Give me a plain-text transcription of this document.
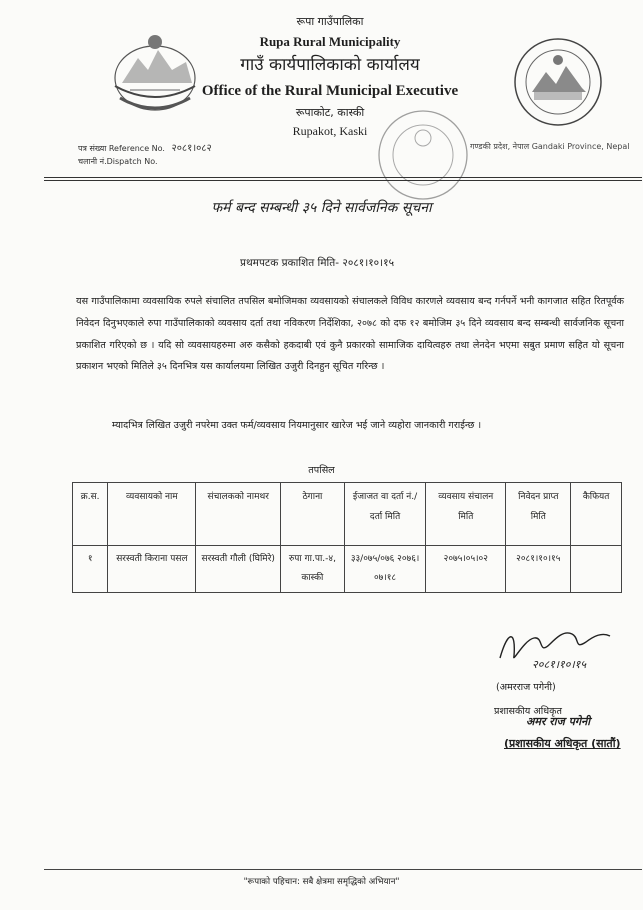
रूपा गाउँपालिका
Rupa Rural Municipality
गाउँ कार्यपालिकाको कार्यालय
Office of the Rural Municipal Executive
रूपाकोट, कास्की
Rupakot, Kaski
पत्र संख्या Reference No. २०८१।०८२
चलानी नं.Dispatch No.
गण्डकी प्रदेश, नेपाल Gandaki Province, Nepal
फर्म बन्द सम्बन्धी ३५ दिने सार्वजनिक सूचना
प्रथमपटक प्रकाशित मिति- २०८१।१०।१५
यस गाउँपालिकामा व्यवसायिक रुपले संचालित तपसिल बमोजिमका व्यवसायको संचालकले विविध कारणले व्यवसाय बन्द गर्नपर्ने भनी कागजात सहित रितपूर्वक निवेदन दिनुभएकाले रुपा गाउँपालिकाको व्यवसाय दर्ता तथा नविकरण निर्देशिका, २०७८ को दफ १२ बमोजिम ३५ दिने व्यवसाय बन्द सम्बन्धी सार्वजनिक सूचना प्रकाशित गरिएको छ । यदि सो व्यवसायहरुमा अरु कसैको हकदाबी एवं कुनै प्रकारको सामाजिक दायित्वहरु तथा लेनदेन भएमा सबुत प्रमाण सहित यो सूचना प्रकाशन भएको मितिले ३५ दिनभित्र यस कार्यालयमा लिखित उजुरी दिनहुन सूचित गरिन्छ ।
म्यादभित्र लिखित उजुरी नपरेमा उक्त फर्म/व्यवसाय नियमानुसार खारेज भई जाने व्यहोरा जानकारी गराईन्छ ।
तपसिल
क्र.स.	व्यवसायको नाम	संचालकको नामथर	ठेगाना	ईजाजत वा दर्ता नं./दर्ता मिति	व्यवसाय संचालन मिति	निवेदन प्राप्त मिति	कैफियत
१	सरस्वती किराना पसल	सरस्वती गौली (घिमिरे)	रुपा गा.पा.-४, कास्की	३३/०७५/०७६ २०७६।०७।१८	२०७५।०५।०२	२०८१।१०।१५	
२०८१।१०।१५
(अमरराज पगेनी)
प्रशासकीय अधिकृत
अमर राज पगेनी
(प्रशासकीय अधिकृत (सातौं)
"रूपाको पहिचान: सबै क्षेत्रमा समृद्धिको अभियान"
